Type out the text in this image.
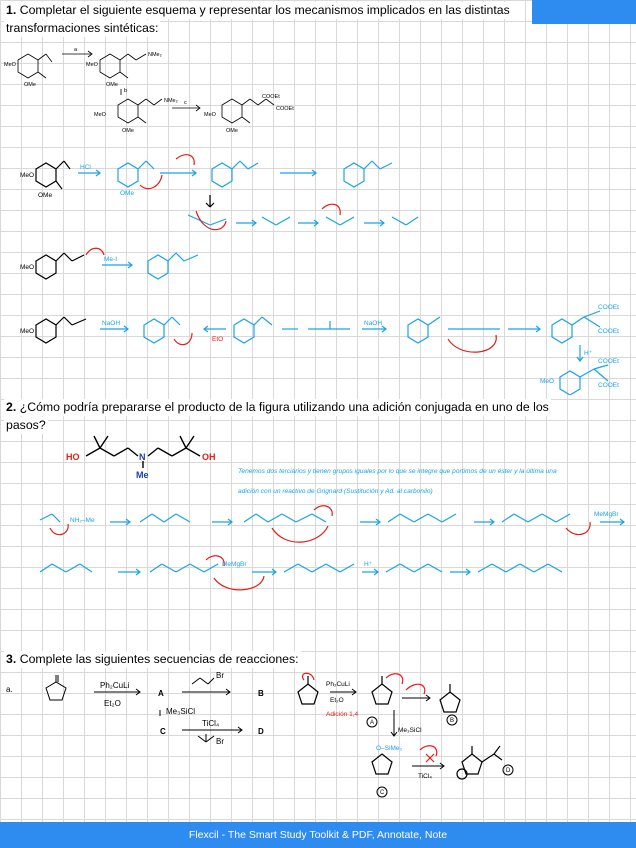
1. Completar el siguiente esquema y representar los mecanismos implicados en las distintas
transformaciones sintéticas:
MeO
OMe
a
MeO
OMe
NMe₂
b
MeO
OMe
NMe₂ c
MeO
OMe
COOEt
COOEt
HCl
MeO
OMe	OMe
Me-I
MeO
MeO
NaOH
EtO
NaOH
COOEt
COOEt
H⁺
MeO
COOEt
COOEt
2. ¿Cómo podría prepararse el producto de la figura utilizando una adición conjugada en uno de los
pasos?
HO	N	OH
Me	Tenemos dos terciarios y tienen grupos iguales por lo que se integre que portimos de un éster y la última una
adición con un reactivo de Grignard (Sustitución y Ad. al carbonilo)
NH₂–Me
MeMgBr
MeMgBr	H⁺
3. Complete las siguientes secuencias de reacciones:
a.	Ph₂CuLi
Et₂O
A
Br
B
Me₃SiCl
C
TiCl₄
Br
D
Ph₂CuLi
Et₂O
Me₃SiCl
O–SiMe₃
TiCl₄
A	B
C
D
Adición 1,4
Flexcil - The Smart Study Toolkit & PDF, Annotate, Note
